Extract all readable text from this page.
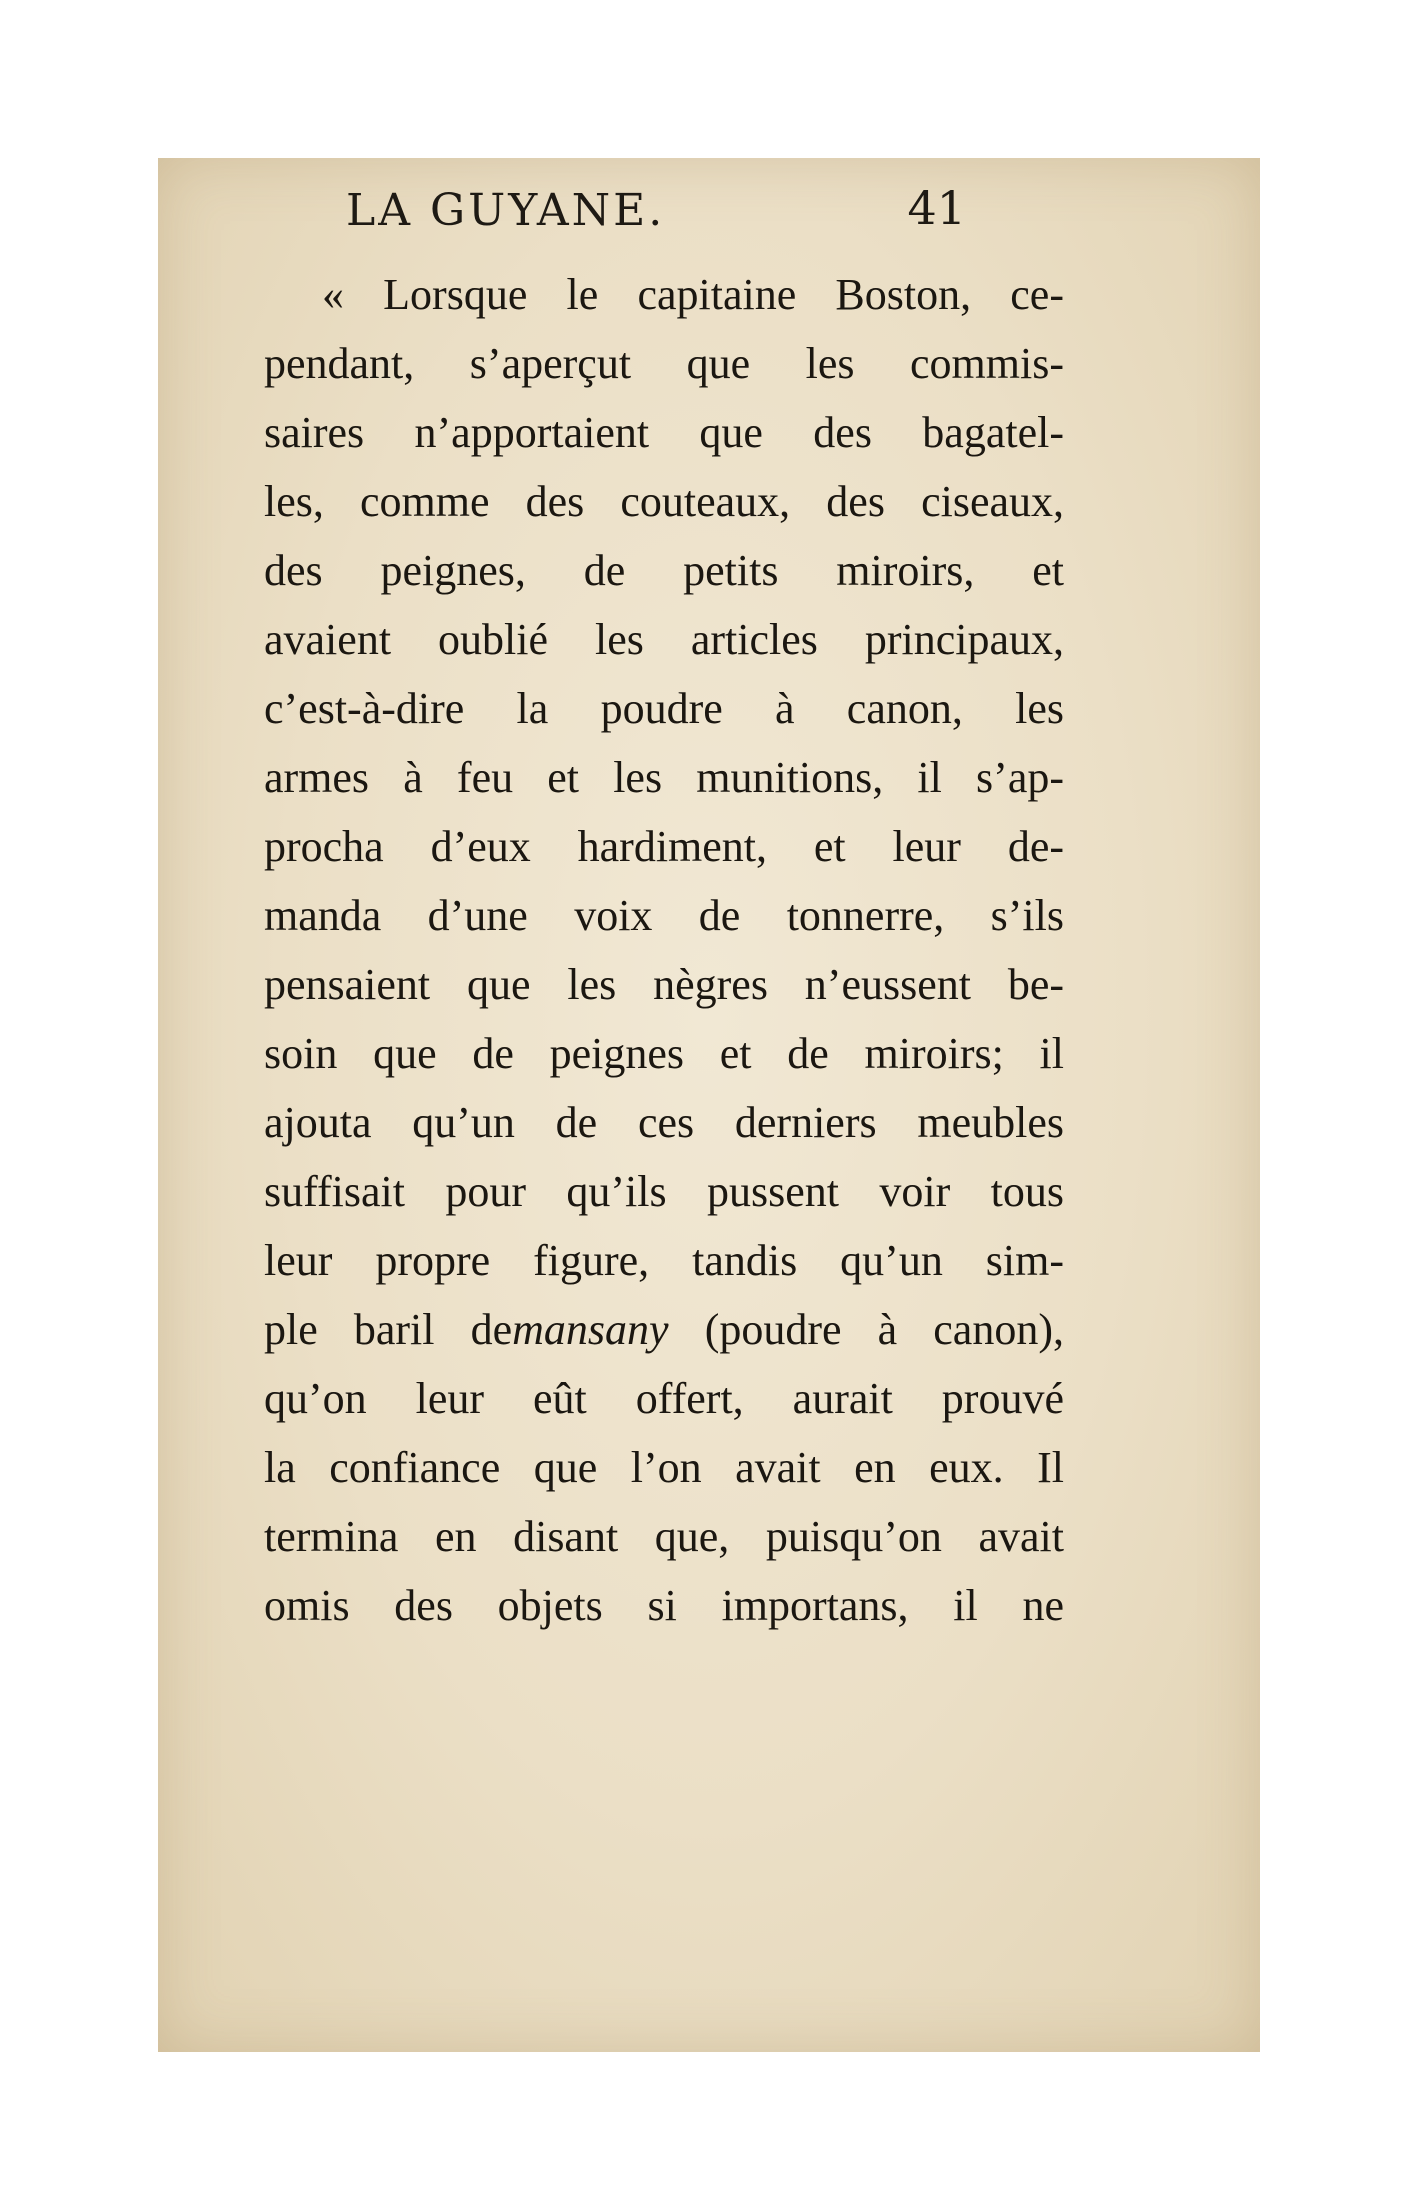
LA GUYANE.	41
« Lorsque le capitaine Boston, ce-
pendant, s’aperçut que les commis-
saires n’apportaient que des bagatel-
les, comme des couteaux, des ciseaux,
des peignes, de petits miroirs, et
avaient oublié les articles principaux,
c’est-à-dire la poudre à canon, les
armes à feu et les munitions, il s’ap-
procha d’eux hardiment, et leur de-
manda d’une voix de tonnerre, s’ils
pensaient que les nègres n’eussent be-
soin que de peignes et de miroirs; il
ajouta qu’un de ces derniers meubles
suffisait pour qu’ils pussent voir tous
leur propre figure, tandis qu’un sim-
ple baril demansany (poudre à canon),
qu’on leur eût offert, aurait prouvé
la confiance que l’on avait en eux. Il
termina en disant que, puisqu’on avait
omis des objets si importans, il ne
